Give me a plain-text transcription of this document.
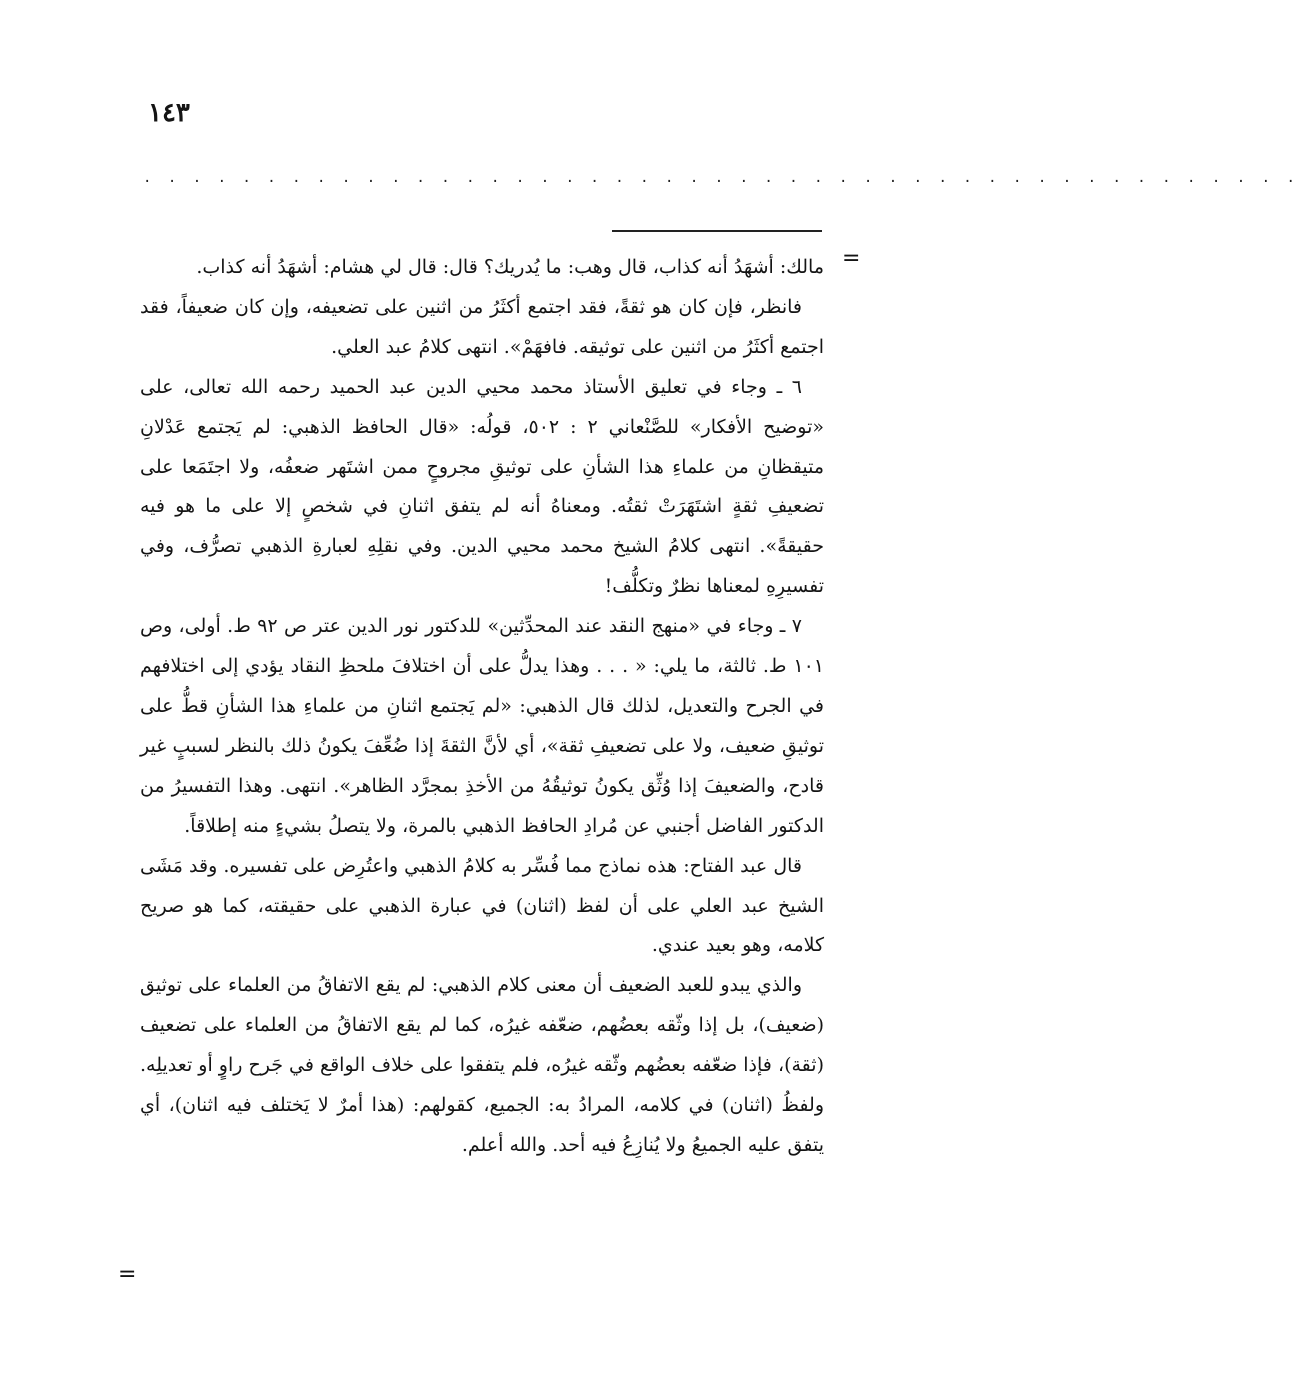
١٤٣
. . . . . . . . . . . . . . . . . . . . . . . . . . . . . . . . . . . . . . . . . . . . . . .
=

مالك: أشهَدُ أنه كذاب، قال وهب: ما يُدريك؟ قال: قال لي هشام: أشهَدُ أنه كذاب.

فانظر، فإن كان هو ثقةً، فقد اجتمع أكثَرُ من اثنين على تضعيفه، وإن كان ضعيفاً، فقد اجتمع أكثَرُ من اثنين على توثيقه. فافهَمْ». انتهى كلامُ عبد العلي.

٦ ـ وجاء في تعليق الأستاذ محمد محيي الدين عبد الحميد رحمه الله تعالى، على «توضيح الأفكار» للصَّنْعاني ٢ : ٥٠٢، قولُه: «قال الحافظ الذهبي: لم يَجتمع عَدْلانِ متيقظانِ من علماءِ هذا الشأنِ على توثيقِ مجروحٍ ممن اشتَهر ضعفُه، ولا اجتَمَعا على تضعيفِ ثقةٍ اشتَهَرَتْ ثقتُه. ومعناهُ أنه لم يتفق اثنانِ في شخصٍ إلا على ما هو فيه حقيقةً». انتهى كلامُ الشيخ محمد محيي الدين. وفي نقلِهِ لعبارةِ الذهبي تصرُّف، وفي تفسيرِهِ لمعناها نظرٌ وتكلُّف!

٧ ـ وجاء في «منهج النقد عند المحدِّثين» للدكتور نور الدين عتر ص ٩٢ ط. أولى، وص ١٠١ ط. ثالثة، ما يلي: « . . . وهذا يدلُّ على أن اختلافَ ملحظِ النقاد يؤدي إلى اختلافهم في الجرح والتعديل، لذلك قال الذهبي: «لم يَجتمع اثنانِ من علماءِ هذا الشأنِ قطُّ على توثيقِ ضعيف، ولا على تضعيفِ ثقة»، أي لأنَّ الثقةَ إذا ضُعِّفَ يكونُ ذلك بالنظر لسببٍ غير قادح، والضعيفَ إذا وُثِّق يكونُ توثيقُهُ من الأخذِ بمجرَّد الظاهر». انتهى. وهذا التفسيرُ من الدكتور الفاضل أجنبي عن مُرادِ الحافظ الذهبي بالمرة، ولا يتصلُ بشيءٍ منه إطلاقاً.

قال عبد الفتاح: هذه نماذج مما فُسِّر به كلامُ الذهبي واعتُرِض على تفسيره. وقد مَشَى الشيخ عبد العلي على أن لفظ (اثنان) في عبارة الذهبي على حقيقته، كما هو صريح كلامه، وهو بعيد عندي.

والذي يبدو للعبد الضعيف أن معنى كلام الذهبي: لم يقع الاتفاقُ من العلماء على توثيق (ضعيف)، بل إذا وثّقه بعضُهم، ضعّفه غيرُه، كما لم يقع الاتفاقُ من العلماء على تضعيف (ثقة)، فإذا ضعّفه بعضُهم وثّقه غيرُه، فلم يتفقوا على خلاف الواقع في جَرح راوٍ أو تعديلِه. ولفظُ (اثنان) في كلامه، المرادُ به: الجميع، كقولهم: (هذا أمرٌ لا يَختلف فيه اثنان)، أي يتفق عليه الجميعُ ولا يُنازِعُ فيه أحد. والله أعلم.

=
